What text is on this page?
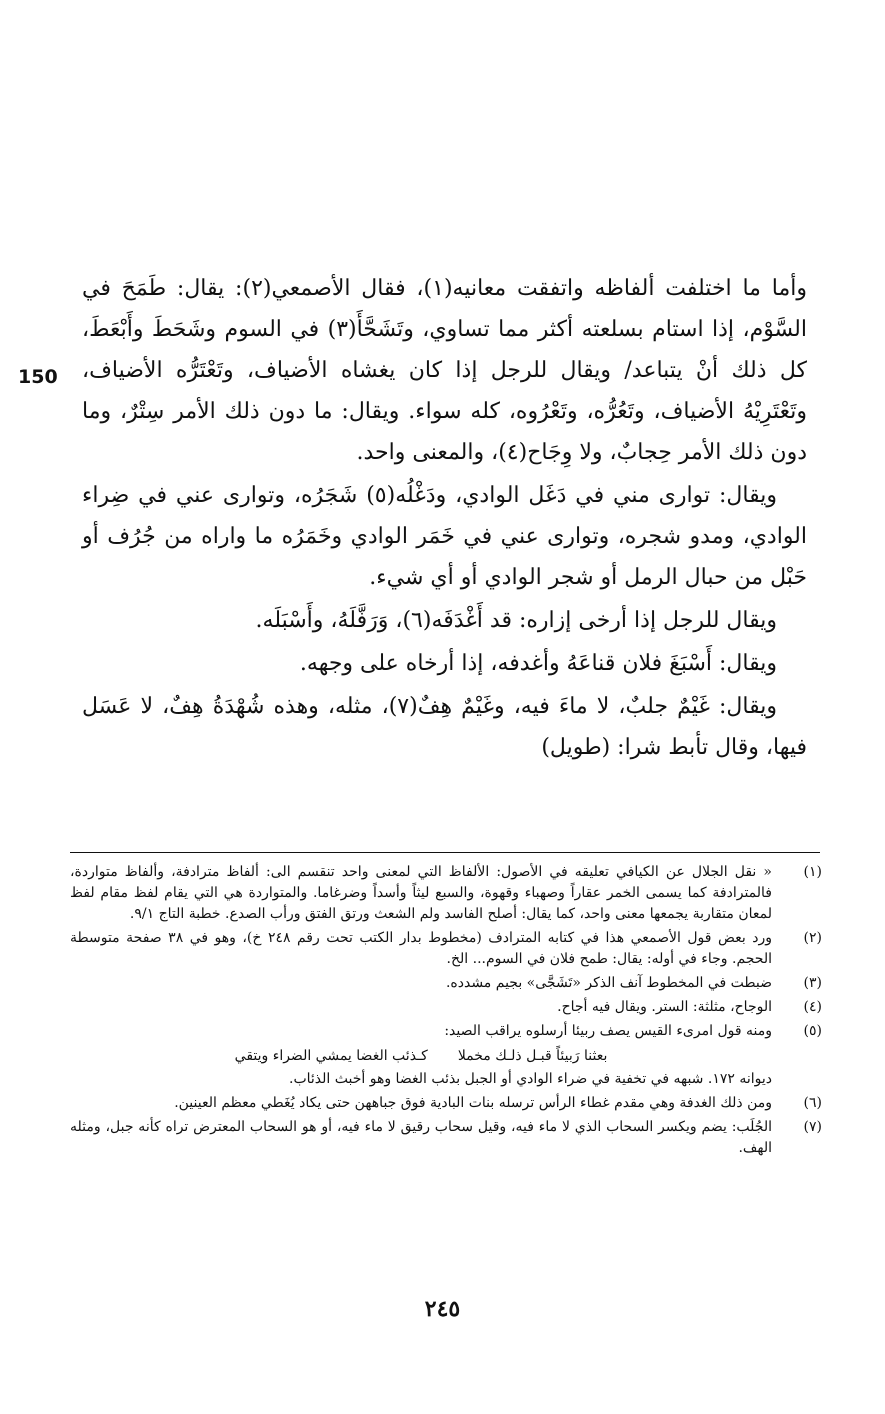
150

وأما ما اختلفت ألفاظه واتفقت معانيه(١)، فقال الأصمعي(٢): يقال: طَمَحَ في السَّوْم، إذا استام بسلعته أكثر مما تساوي، وتَشَحَّأَ(٣) في السوم وشَحَطَ وأَبْعَطَ، كل ذلك أنْ يتباعد/ ويقال للرجل إذا كان يغشاه الأضياف، وتَعْتَرُّه الأضياف، وتَعْتَرِيْهُ الأضياف، وتَعُرُّه، وتَعْرُوه، كله سواء. ويقال: ما دون ذلك الأمر سِتْرٌ، وما دون ذلك الأمر حِجابٌ، ولا وِجَاح(٤)، والمعنى واحد.

ويقال: توارى مني في دَغَل الوادي، ودَغْلُه(٥) شَجَرُه، وتوارى عني في ضِراء الوادي، ومدو شجره، وتوارى عني في خَمَر الوادي وخَمَرُه ما واراه من جُرُف أو حَبْل من حبال الرمل أو شجر الوادي أو أي شيء.

ويقال للرجل إذا أرخى إزاره: قد أَغْدَفَه(٦)، وَرَفَّلَهُ، وأَسْبَلَه.

ويقال: أَسْبَغَ فلان قناعَهُ وأغدفه، إذا أرخاه على وجهه.

ويقال: غَيْمٌ جلبٌ، لا ماءَ فيه، وغَيْمٌ هِفٌ(٧)، مثله، وهذه شُهْدَةُ هِفٌ، لا عَسَل فيها، وقال تأبط شرا: (طويل)

(١)
« نقل الجلال عن الكيافي تعليقه في الأصول: الألفاظ التي لمعنى واحد تنقسم الى: ألفاظ مترادفة، وألفاظ متواردة، فالمترادفة كما يسمى الخمر عقاراً وصهباء وقهوة، والسبع ليثاً وأسداً وضرغاما. والمتواردة هي التي يقام لفظ مقام لفظ لمعان متقاربة يجمعها معنى واحد، كما يقال: أصلح الفاسد ولم الشعث ورتق الفتق ورأب الصدع. خطبة التاج ٩/١.
(٢)
ورد بعض قول الأصمعي هذا في كتابه المترادف (مخطوط بدار الكتب تحت رقم ٢٤٨ خ)، وهو في ٣٨ صفحة متوسطة الحجم. وجاء في أوله: يقال: طمح فلان في السوم... الخ.
(٣)
ضبطت في المخطوط آنف الذكر «تَشَجَّى» بجيم مشدده.
(٤)
الوجاح، مثلثة: الستر. ويقال فيه أجاح.
(٥)

ومنه قول امرىء القيس يصف ربيئا أرسلوه يراقب الصيد:

بعثنا رَبيئاً قبـل ذلـك مخملا
كـذئب الغضا يمشي الضراء ويتقي

ديوانه ١٧٢. شبهه في تخفية في ضراء الوادي أو الجبل بذئب الغضا وهو أخبث الذئاب.

(٦)
ومن ذلك الغدفة وهي مقدم غطاء الرأس ترسله بنات البادية فوق جباههن حتى يكاد يُغَطي معظم العينين.
(٧)
الجُلَب: يضم ويكسر السحاب الذي لا ماء فيه، وقيل سحاب رقيق لا ماء فيه، أو هو السحاب المعترض تراه كأنه جبل، ومثله الهف.
٢٤٥
